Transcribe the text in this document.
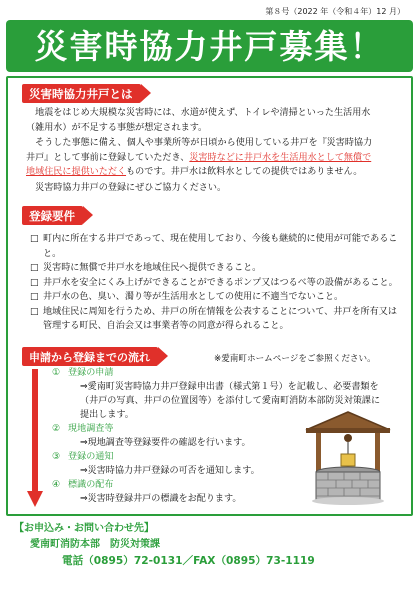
第８号（2022 年（令和４年）12 月）
災害時協力井戸募集！
災害時協力井戸とは
　地震をはじめ大規模な災害時には、水道が使えず、トイレや清掃といった生活用水
（雑用水）が不足する事態が想定されます。
　そうした事態に備え、個人や事業所等が日頃から使用している井戸を『災害時協力
井戸』として事前に登録していただき、災害時などに井戸水を生活用水として無償で
地域住民に提供いただくものです。井戸水は飲料水としての提供ではありません。
　災害時協力井戸の登録にぜひご協力ください。
登録要件
□ 町内に所在する井戸であって、現在使用しており、今後も継続的に使用が可能であること。
□ 災害時に無償で井戸水を地域住民へ提供できること。
□ 井戸水を安全にくみ上げができることができるポンプ又はつるべ等の設備があること。
□ 井戸水の色、臭い、濁り等が生活用水としての使用に不適当でないこと。
□ 地域住民に周知を行うため、井戸の所在情報を公表することについて、井戸を所有又は管理する町民、自治会又は事業者等の同意が得られること。
申請から登録までの流れ	※愛南町ホームページをご参照ください。
① 登録の申請
⇒愛南町災害時協力井戸登録申出書（様式第１号）を記載し、必要書類を
（井戸の写真、井戸の位置図等）を添付して愛南町消防本部防災対策課に
提出します。
② 現地調査等
⇒現地調査等登録要件の確認を行います。
③ 登録の通知
⇒災害時協力井戸登録の可否を通知します。
④ 標識の配布
⇒災害時登録井戸の標識をお配ります。
【お申込み・お問い合わせ先】
愛南町消防本部　防災対策課
電話（0895）72-0131／FAX（0895）73-1119
